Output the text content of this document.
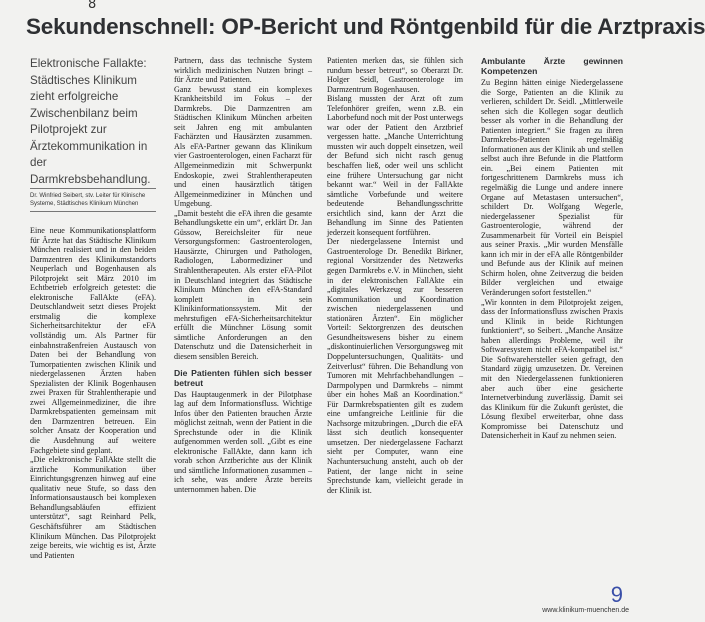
8
Sekundenschnell: OP-Bericht und Röntgenbild für die Arztpraxis

Elektronische Fallakte: Städtisches Klinikum zieht erfolgreiche Zwischenbilanz beim Pilotprojekt zur Ärztekommunikation in der Darmkrebsbehandlung.

Dr. Winfried Seibert, stv. Leiter für Klinische Systeme, Städtisches Klinikum München

Eine neue Kommunikationsplattform für Ärzte hat das Städtische Klinikum München realisiert und in den beiden Darmzentren des Klinikumstandorts Neuperlach und Bogenhausen als Pilotprojekt seit März 2010 im Echtbetrieb erfolgreich getestet: die elektronische FallAkte (eFA). Deutschlandweit setzt dieses Projekt erstmalig die komplexe Sicherheitsarchitektur der eFA vollständig um. Als Partner für einbahnstraßenfreien Austausch von Daten bei der Behandlung von Tumorpatienten zwischen Klinik und niedergelassenen Ärzten haben Spezialisten der Klinik Bogenhausen zwei Praxen für Strahlentherapie und zwei Allgemeinmediziner, die ihre Darmkrebspatienten gemeinsam mit den Darmzentren betreuen. Ein solcher Ansatz der Kooperation und die Ausdehnung auf weitere Fachgebiete sind geplant.

„Die elektronische FallAkte stellt die ärztliche Kommunikation über Einrichtungsgrenzen hinweg auf eine qualitativ neue Stufe, so dass den Informationsaustausch bei komplexen Behandlungsabläufen effizient unterstützt“, sagt Reinhard Pelk, Geschäftsführer am Städtischen Klinikum München. Das Pilotprojekt zeige bereits, wie wichtig es ist, Ärzte und Patienten

Partnern, dass das technische System wirklich medizinischen Nutzen bringt – für Ärzte und Patienten.

Ganz bewusst stand ein komplexes Krankheitsbild im Fokus – der Darmkrebs. Die Darmzentren am Städtischen Klinikum München arbeiten seit Jahren eng mit ambulanten Fachärzten und Hausärzten zusammen. Als eFA-Partner gewann das Klinikum vier Gastroenterologen, einen Facharzt für Allgemeinmedizin mit Schwerpunkt Endoskopie, zwei Strahlentherapeuten und einen hausärztlich tätigen Allgemeinmediziner in München und Umgebung.

„Damit besteht die eFA ihren die gesamte Behandlungskette ein um“, erklärt Dr. Jan Güssow, Bereichsleiter für neue Versorgungsformen: Gastroenterologen, Hausärzte, Chirurgen und Pathologen, Radiologen, Labormediziner und Strahlentherapeuten. Als erster eFA-Pilot in Deutschland integriert das Städtische Klinikum München den eFA-Standard komplett in sein Klinikinformationssystem. Mit der mehrstufigen eFA-Sicherheitsarchitektur erfüllt die Münchner Lösung somit sämtliche Anforderungen an den Datenschutz und die Datensicherheit in diesem sensiblen Bereich.

Die Patienten fühlen sich besser betreut

Das Hauptaugenmerk in der Pilotphase lag auf dem Informationsfluss. Wichtige Infos über den Patienten brauchen Ärzte möglichst zeitnah, wenn der Patient in die Sprechstunde oder in die Klinik aufgenommen werden soll. „Gibt es eine elektronische FallAkte, dann kann ich vorab schon Arztberichte aus der Klinik und sämtliche Informationen zusammen – ich sehe, was andere Ärzte bereits unternommen haben. Die

Patienten merken das, sie fühlen sich rundum besser betreut“, so Oberarzt Dr. Holger Seidl, Gastroenterologe im Darmzentrum Bogenhausen.

Bislang mussten der Arzt oft zum Telefonhörer greifen, wenn z.B. ein Laborbefund noch mit der Post unterwegs war oder der Patient den Arztbrief vergessen hatte. „Manche Unterrichtung mussten wir auch doppelt einsetzen, weil der Befund sich nicht rasch genug beschaffen ließ, oder weil uns schlicht eine frühere Untersuchung gar nicht bekannt war.“ Weil in der FallAkte sämtliche Vorbefunde und weitere bedeutende Behandlungsschritte ersichtlich sind, kann der Arzt die Behandlung im Sinne des Patienten jederzeit konsequent fortführen.

Der niedergelassene Internist und Gastroenterologe Dr. Benedikt Birkner, regional Vorsitzender des Netzwerks gegen Darmkrebs e.V. in München, sieht in der elektronischen FallAkte ein „digitales Werkzeug zur besseren Kommunikation und Koordination zwischen niedergelassenen und stationären Ärzten“. Ein möglicher Vorteil: Sektorgrenzen des deutschen Gesundheitswesens bisher zu einem „diskontinuierlichen Versorgungsweg mit Doppeluntersuchungen, Qualitäts- und Zeitverlust“ führen. Die Behandlung von Tumoren mit Mehrfachbehandlungen – Darmpolypen und Darmkrebs – nimmt über ein hohes Maß an Koordination.“ Für Darmkrebspatienten gilt es zudem eine umfangreiche Leitlinie für die Nachsorge mitzubringen. „Durch die eFA lässt sich deutlich konsequenter umsetzen. Der niedergelassene Facharzt sieht per Computer, wann eine Nachuntersuchung ansteht, auch ob der Patient, der lange nicht in seine Sprechstunde kam, vielleicht gerade in der Klinik ist.

Ambulante Ärzte gewinnen Kompetenzen

Zu Beginn hätten einige Niedergelassene die Sorge, Patienten an die Klinik zu verlieren, schildert Dr. Seidl. „Mittlerweile sehen sich die Kollegen sogar deutlich besser als vorher in die Behandlung der Patienten integriert.“ Sie fragen zu ihren Darmkrebs-Patienten regelmäßig Informationen aus der Klinik ab und stellen selbst auch ihre Befunde in die Plattform ein. „Bei einem Patienten mit fortgeschrittenem Darmkrebs muss ich regelmäßig die Lunge und andere innere Organe auf Metastasen untersuchen“, schildert Dr. Wolfgang Wegerle, niedergelassener Spezialist für Gastroenterologie, während der Zusammenarbeit für Vorteil ein Beispiel aus seiner Praxis. „Mir wurden Mensfälle kann ich mir in der eFA alle Röntgenbilder und Befunde aus der Klinik auf meinen Schirm holen, ohne Zeitverzug die beiden Bilder vergleichen und etwaige Veränderungen sofort feststellen.“

„Wir konnten in dem Pilotprojekt zeigen, dass der Informationsfluss zwischen Praxis und Klinik in beide Richtungen funktioniert“, so Seibert. „Manche Ansätze haben allerdings Probleme, weil ihr Softwaresystem nicht eFA-kompatibel ist.“ Die Softwarehersteller seien gefragt, den Standard zügig umzusetzen. Dr. Vereinen mit den Niedergelassenen funktionieren aber auch über eine gesicherte Internetverbindung zuverlässig. Damit sei das Klinikum für die Zukunft gerüstet, die Lösung flexibel erweiterbar, ohne dass Kompromisse bei Datenschutz und Datensicherheit in Kauf zu nehmen seien.

9
www.klinikum-muenchen.de
